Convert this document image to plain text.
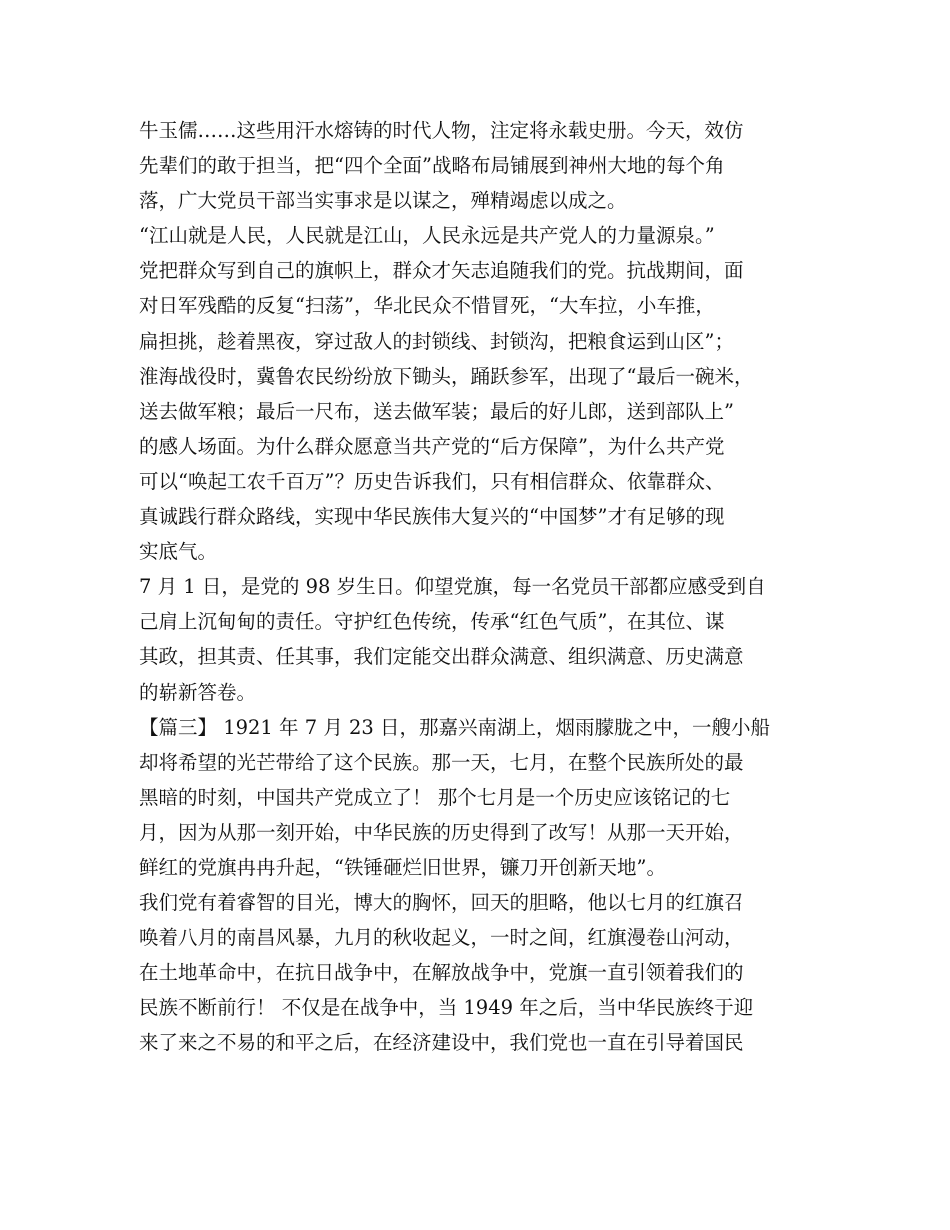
牛玉儒……这些用汗水熔铸的时代人物，注定将永载史册。今天，效仿
先辈们的敢于担当，把“四个全面”战略布局铺展到神州大地的每个角
落，广大党员干部当实事求是以谋之，殚精竭虑以成之。
“江山就是人民，人民就是江山，人民永远是共产党人的力量源泉。”
党把群众写到自己的旗帜上，群众才矢志追随我们的党。抗战期间，面
对日军残酷的反复“扫荡”，华北民众不惜冒死，“大车拉，小车推，
扁担挑，趁着黑夜，穿过敌人的封锁线、封锁沟，把粮食运到山区”；
淮海战役时，冀鲁农民纷纷放下锄头，踊跃参军，出现了“最后一碗米，
送去做军粮；最后一尺布，送去做军装；最后的好儿郎，送到部队上”
的感人场面。为什么群众愿意当共产党的“后方保障”，为什么共产党
可以“唤起工农千百万”？历史告诉我们，只有相信群众、依靠群众、
真诚践行群众路线，实现中华民族伟大复兴的“中国梦”才有足够的现
实底气。
7 月 1 日，是党的 98 岁生日。仰望党旗，每一名党员干部都应感受到自
己肩上沉甸甸的责任。守护红色传统，传承“红色气质”，在其位、谋
其政，担其责、任其事，我们定能交出群众满意、组织满意、历史满意
的崭新答卷。
【篇三】 1921 年 7 月 23 日，那嘉兴南湖上，烟雨朦胧之中，一艘小船
却将希望的光芒带给了这个民族。那一天，七月，在整个民族所处的最
黑暗的时刻，中国共产党成立了！ 那个七月是一个历史应该铭记的七
月，因为从那一刻开始，中华民族的历史得到了改写！从那一天开始，
鲜红的党旗冉冉升起，“铁锤砸烂旧世界，镰刀开创新天地”。
我们党有着睿智的目光，博大的胸怀，回天的胆略，他以七月的红旗召
唤着八月的南昌风暴，九月的秋收起义，一时之间，红旗漫卷山河动，
在土地革命中，在抗日战争中，在解放战争中，党旗一直引领着我们的
民族不断前行！ 不仅是在战争中，当 1949 年之后，当中华民族终于迎
来了来之不易的和平之后，在经济建设中，我们党也一直在引导着国民
